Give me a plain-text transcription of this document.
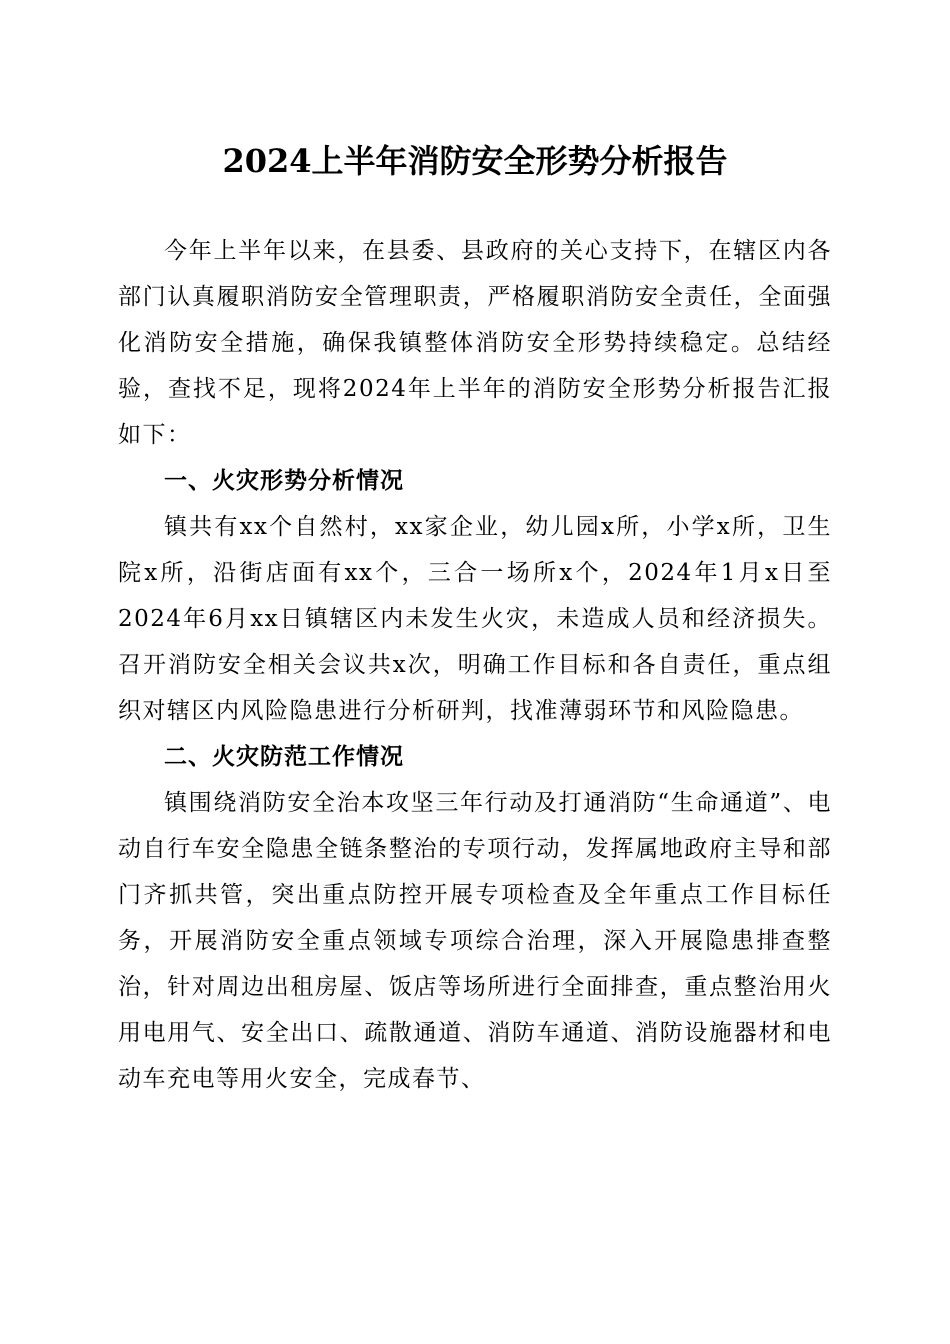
2024上半年消防安全形势分析报告

今年上半年以来，在县委、县政府的关心支持下，在辖区内各部门认真履职消防安全管理职责，严格履职消防安全责任，全面强化消防安全措施，确保我镇整体消防安全形势持续稳定。总结经验，查找不足，现将2024年上半年的消防安全形势分析报告汇报如下：

一、火灾形势分析情况

镇共有xx个自然村，xx家企业，幼儿园x所，小学x所，卫生院x所，沿街店面有xx个，三合一场所x个，2024年1月x日至2024年6月xx日镇辖区内未发生火灾，未造成人员和经济损失。召开消防安全相关会议共x次，明确工作目标和各自责任，重点组织对辖区内风险隐患进行分析研判，找准薄弱环节和风险隐患。

二、火灾防范工作情况

镇围绕消防安全治本攻坚三年行动及打通消防“生命通道”、电动自行车安全隐患全链条整治的专项行动，发挥属地政府主导和部门齐抓共管，突出重点防控开展专项检查及全年重点工作目标任务，开展消防安全重点领域专项综合治理，深入开展隐患排查整治，针对周边出租房屋、饭店等场所进行全面排查，重点整治用火用电用气、安全出口、疏散通道、消防车通道、消防设施器材和电动车充电等用火安全，完成春节、
